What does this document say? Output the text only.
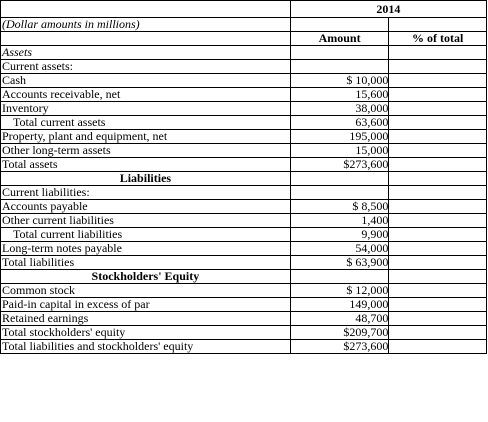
	2014	
(Dollar amounts in millions)		
	Amount	% of total
Assets		
Current assets:		
Cash	$ 10,000	
Accounts receivable, net	15,600	
Inventory	38,000	
Total current assets	63,600	
Property, plant and equipment, net	195,000	
Other long-term assets	15,000	
Total assets	$273,600	
Liabilities		
Current liabilities:		
Accounts payable	$ 8,500	
Other current liabilities	1,400	
Total current liabilities	9,900	
Long-term notes payable	54,000	
Total liabilities	$ 63,900	
Stockholders' Equity		
Common stock	$ 12,000	
Paid-in capital in excess of par	149,000	
Retained earnings	48,700	
Total stockholders' equity	$209,700	
Total liabilities and stockholders' equity	$273,600	
